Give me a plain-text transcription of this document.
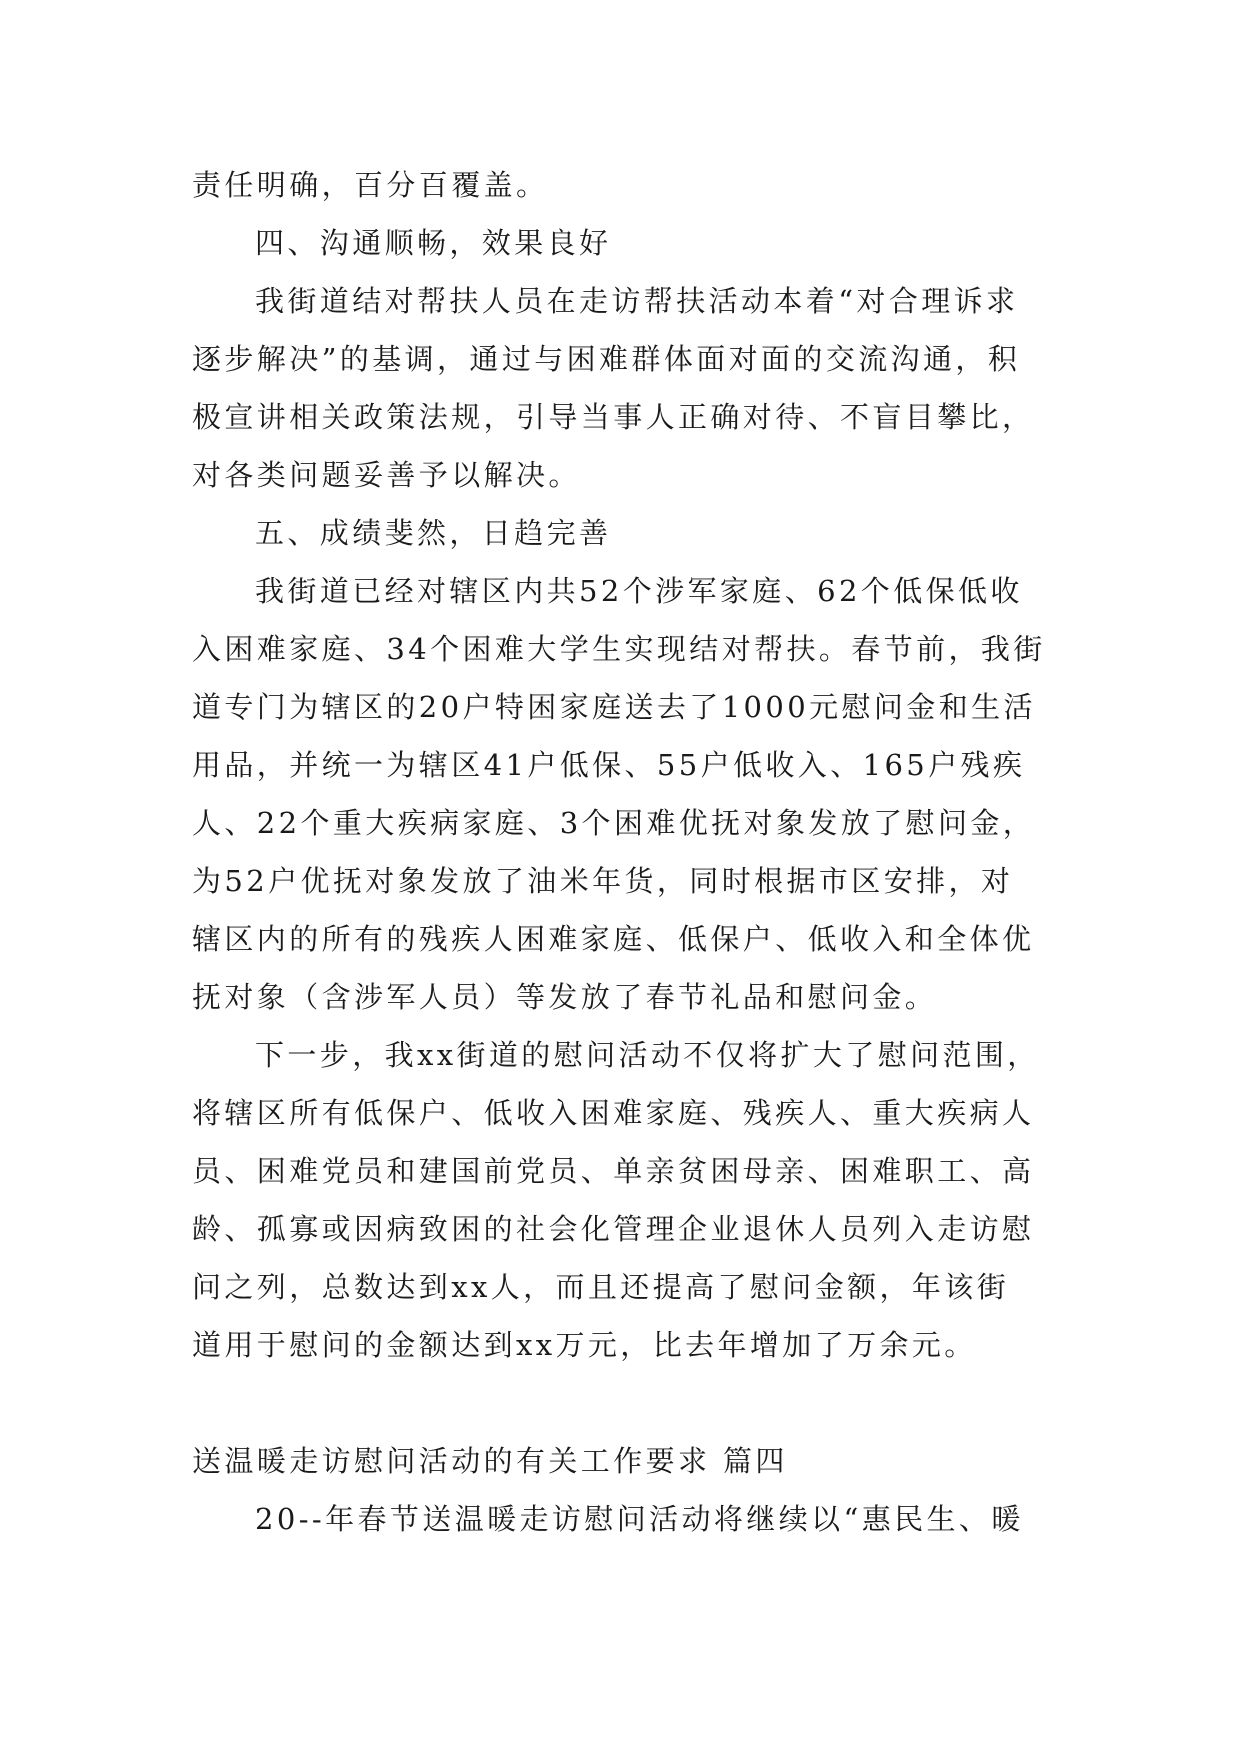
责任明确，百分百覆盖。
四、沟通顺畅，效果良好
我街道结对帮扶人员在走访帮扶活动本着“对合理诉求
逐步解决”的基调，通过与困难群体面对面的交流沟通，积
极宣讲相关政策法规，引导当事人正确对待、不盲目攀比，
对各类问题妥善予以解决。
五、成绩斐然，日趋完善
我街道已经对辖区内共52个涉军家庭、62个低保低收
入困难家庭、34个困难大学生实现结对帮扶。春节前，我街
道专门为辖区的20户特困家庭送去了1000元慰问金和生活
用品，并统一为辖区41户低保、55户低收入、165户残疾
人、22个重大疾病家庭、3个困难优抚对象发放了慰问金，
为52户优抚对象发放了油米年货，同时根据市区安排，对
辖区内的所有的残疾人困难家庭、低保户、低收入和全体优
抚对象（含涉军人员）等发放了春节礼品和慰问金。
下一步，我xx街道的慰问活动不仅将扩大了慰问范围，
将辖区所有低保户、低收入困难家庭、残疾人、重大疾病人
员、困难党员和建国前党员、单亲贫困母亲、困难职工、高
龄、孤寡或因病致困的社会化管理企业退休人员列入走访慰
问之列，总数达到xx人，而且还提高了慰问金额，年该街
道用于慰问的金额达到xx万元，比去年增加了万余元。
送温暖走访慰问活动的有关工作要求 篇四
20--年春节送温暖走访慰问活动将继续以“惠民生、暖
